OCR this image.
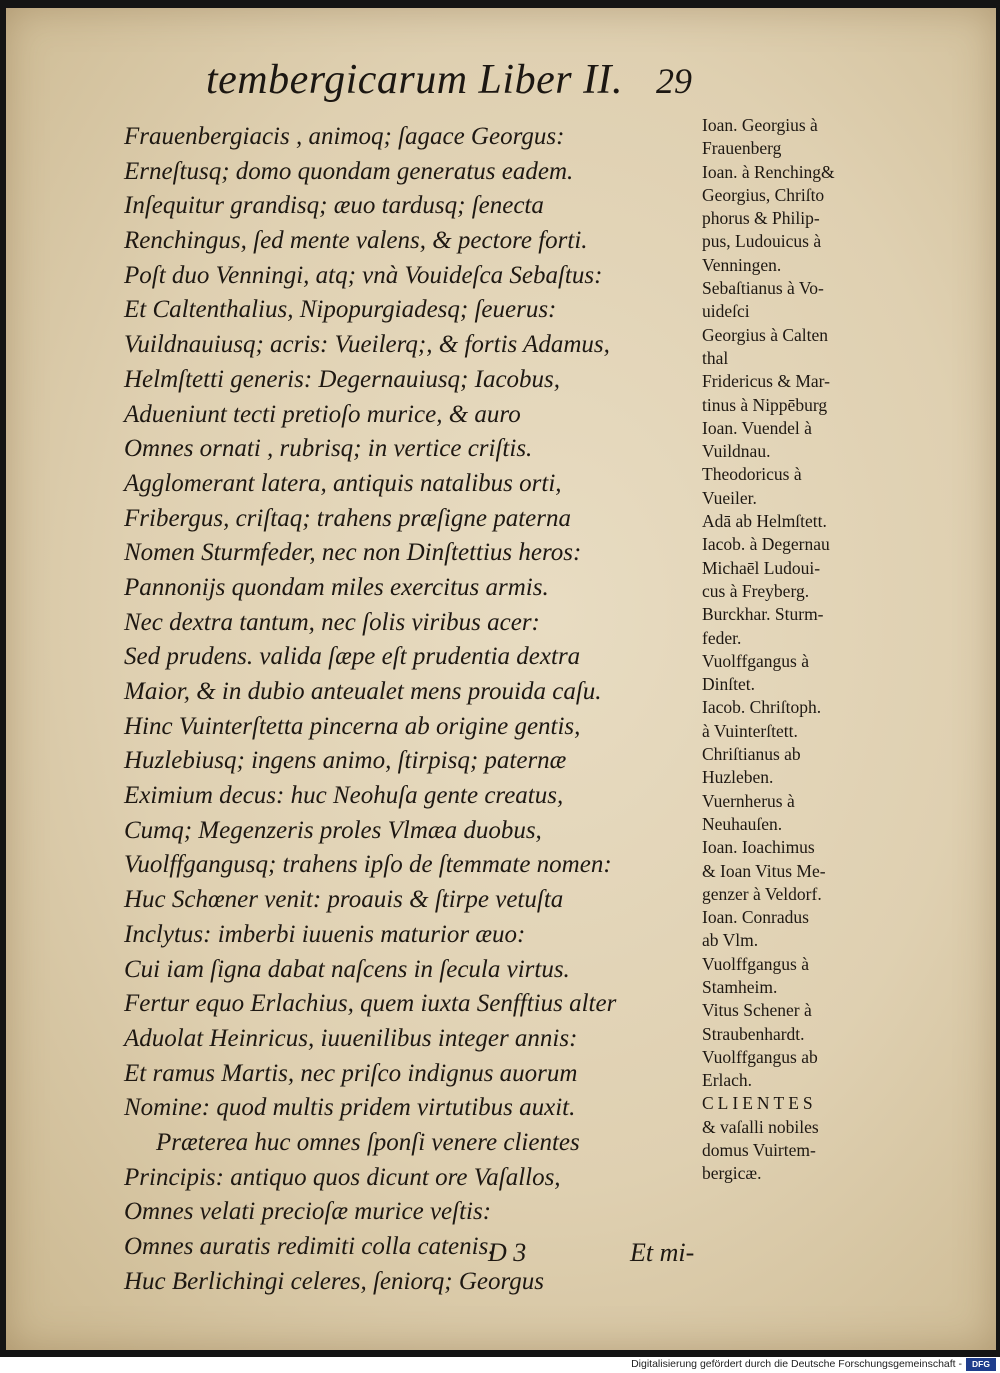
tembergicarum Liber II. 29
Frauenbergiacis , animoq; ſagace Georgus:
Erneſtusq; domo quondam generatus eadem.
Inſequitur grandisq; æuo tardusq; ſenecta
Renchingus, ſed mente valens, & pectore forti.
Poſt duo Venningi, atq; vnà Vouideſca Sebaſtus:
Et Caltenthalius, Nipopurgiadesq; ſeuerus:
Vuildnauiusq; acris: Vueilerq;, & fortis Adamus,
Helmſtetti generis: Degernauiusq; Iacobus,
Adueniunt tecti pretioſo murice, & auro
Omnes ornati , rubrisq; in vertice criſtis.
Agglomerant latera, antiquis natalibus orti,
Fribergus, criſtaq; trahens præſigne paterna
Nomen Sturmfeder, nec non Dinſtettius heros:
Pannonijs quondam miles exercitus armis.
Nec dextra tantum, nec ſolis viribus acer:
Sed prudens. valida ſæpe eſt prudentia dextra
Maior, & in dubio anteualet mens prouida caſu.
Hinc Vuinterſtetta pincerna ab origine gentis,
Huzlebiusq; ingens animo, ſtirpisq; paternæ
Eximium decus: huc Neohuſa gente creatus,
Cumq; Megenzeris proles Vlmæa duobus,
Vuolffgangusq; trahens ipſo de ſtemmate nomen:
Huc Schœner venit: proauis & ſtirpe vetuſta
Inclytus: imberbi iuuenis maturior æuo:
Cui iam ſigna dabat naſcens in ſecula virtus.
Fertur equo Erlachius, quem iuxta Senfftius alter
Aduolat Heinricus, iuuenilibus integer annis:
Et ramus Martis, nec priſco indignus auorum
Nomine: quod multis pridem virtutibus auxit.
Præterea huc omnes ſponſi venere clientes
Principis: antiquo quos dicunt ore Vaſallos,
Omnes velati precioſæ murice veſtis:
Omnes auratis redimiti colla catenis.
Huc Berlichingi celeres, ſeniorq; Georgus
Ioan. Georgius à
Frauenberg
Ioan. à Renching&
Georgius, Chriſto
phorus & Philip-
pus, Ludouicus à
Venningen.
Sebaſtianus à Vo-
uideſci
Georgius à Calten
thal
Fridericus & Mar-
tinus à Nippēburg
Ioan. Vuendel à
Vuildnau.
Theodoricus à
Vueiler.
Adā ab Helmſtett.
Iacob. à Degernau
Michaēl Ludoui-
cus à Freyberg.
Burckhar. Sturm-
feder.
Vuolffgangus à
Dinſtet.
Iacob. Chriſtoph.
à Vuinterſtett.
Chriſtianus ab
Huzleben.
Vuernherus à
Neuhauſen.
Ioan. Ioachimus
& Ioan Vitus Me-
genzer à Veldorf.
Ioan. Conradus
ab Vlm.
Vuolffgangus à
Stamheim.
Vitus Schener à
Straubenhardt.
Vuolffgangus ab
Erlach.
CLIENTES
& vaſalli nobiles
domus Vuirtem-
bergicæ.
D 3	Et mi-
Digitalisierung gefördert durch die Deutsche Forschungsgemeinschaft -	DFG
